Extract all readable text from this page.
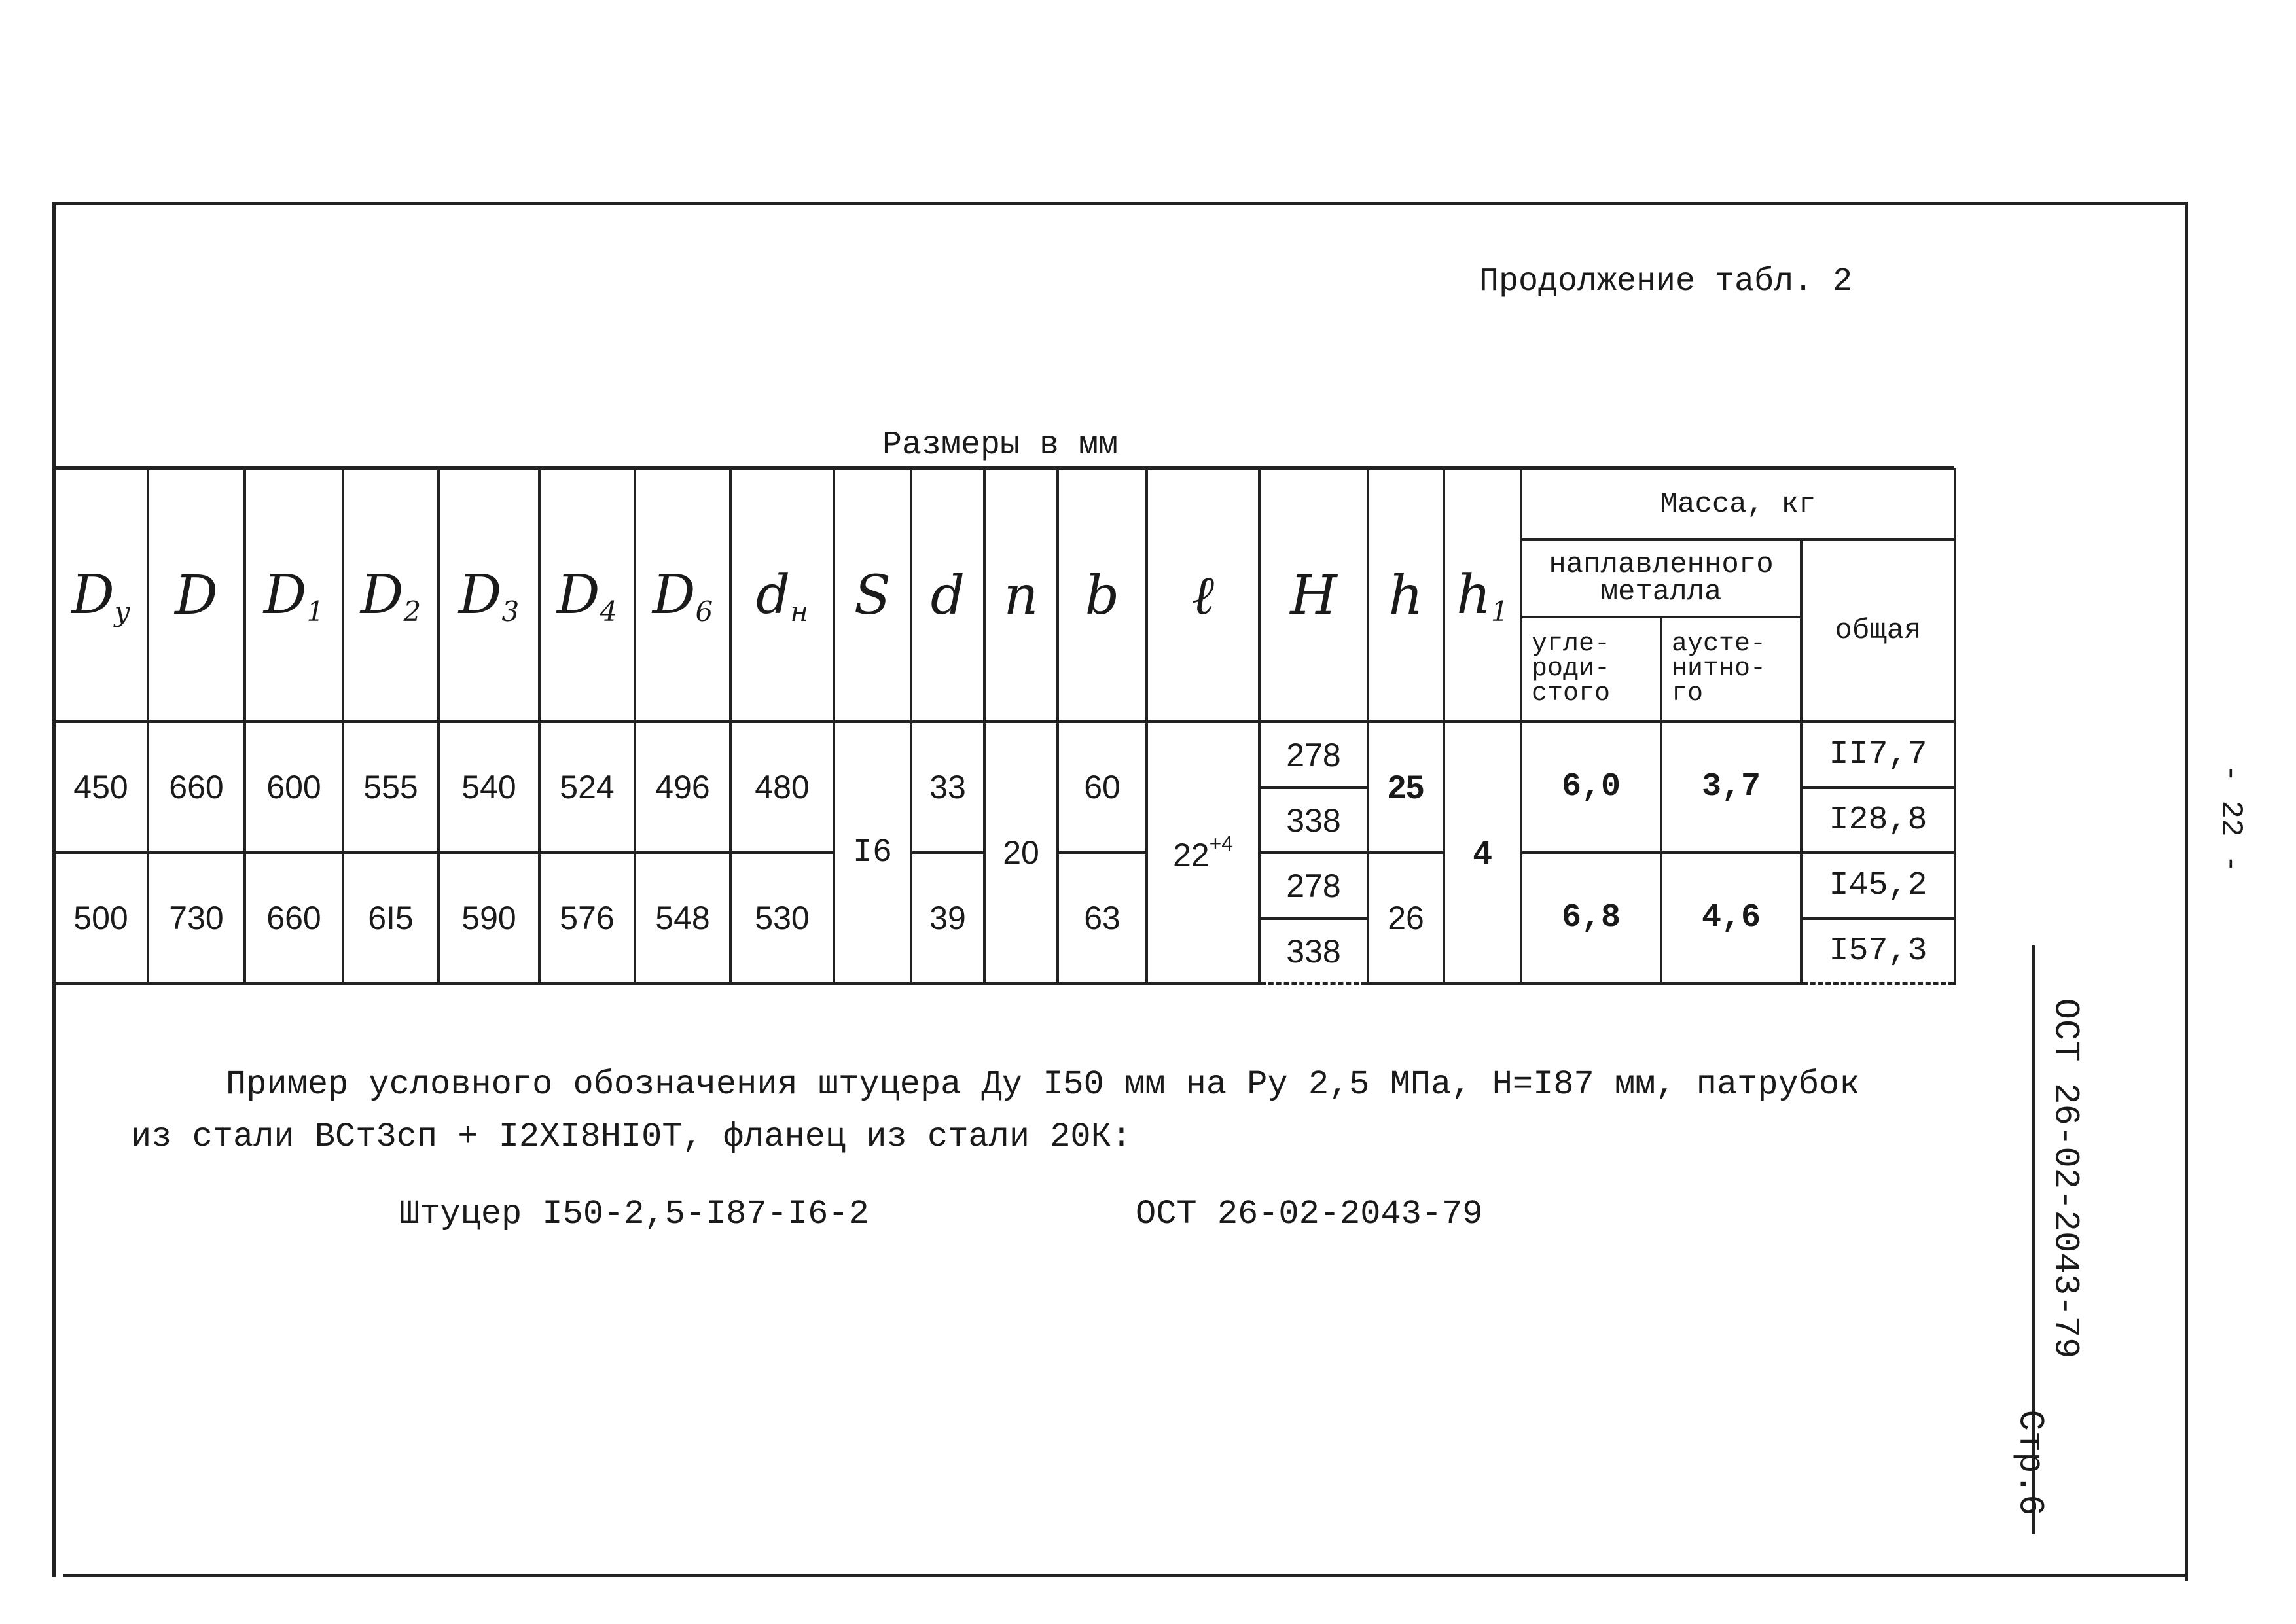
Продолжение табл. 2
Размеры в мм
$D_у$	D	$D_1$	$D_2$	$D_3$	$D_4$	$D_6$	$d_н$	S	d	n	b	ℓ	H	h	$h_1$	Масса, кг		
																наплавленного металла		общая

																угле- роди- стого	аусте- нитно- го	

450	660	600	555	540	524	496	480	I6	33	20	60	$22^{+4}$	278	25	4	6,0	3,7	II7,7
													338					I28,8
500	730	660	6I5	590	576	548	530		39		63		278	26		6,8	4,6	I45,2
													338					I57,3
Пример условного обозначения штуцера Ду I50 мм на Ру 2,5 МПа, Н=I87 мм, патрубок
из стали ВСт3сп + I2XI8HI0T, фланец из стали 20К:
Штуцер I50-2,5-I87-I6-2	ОСТ 26-02-2043-79
- 22 -
ОСТ 26-02-2043-79
Стр.6
